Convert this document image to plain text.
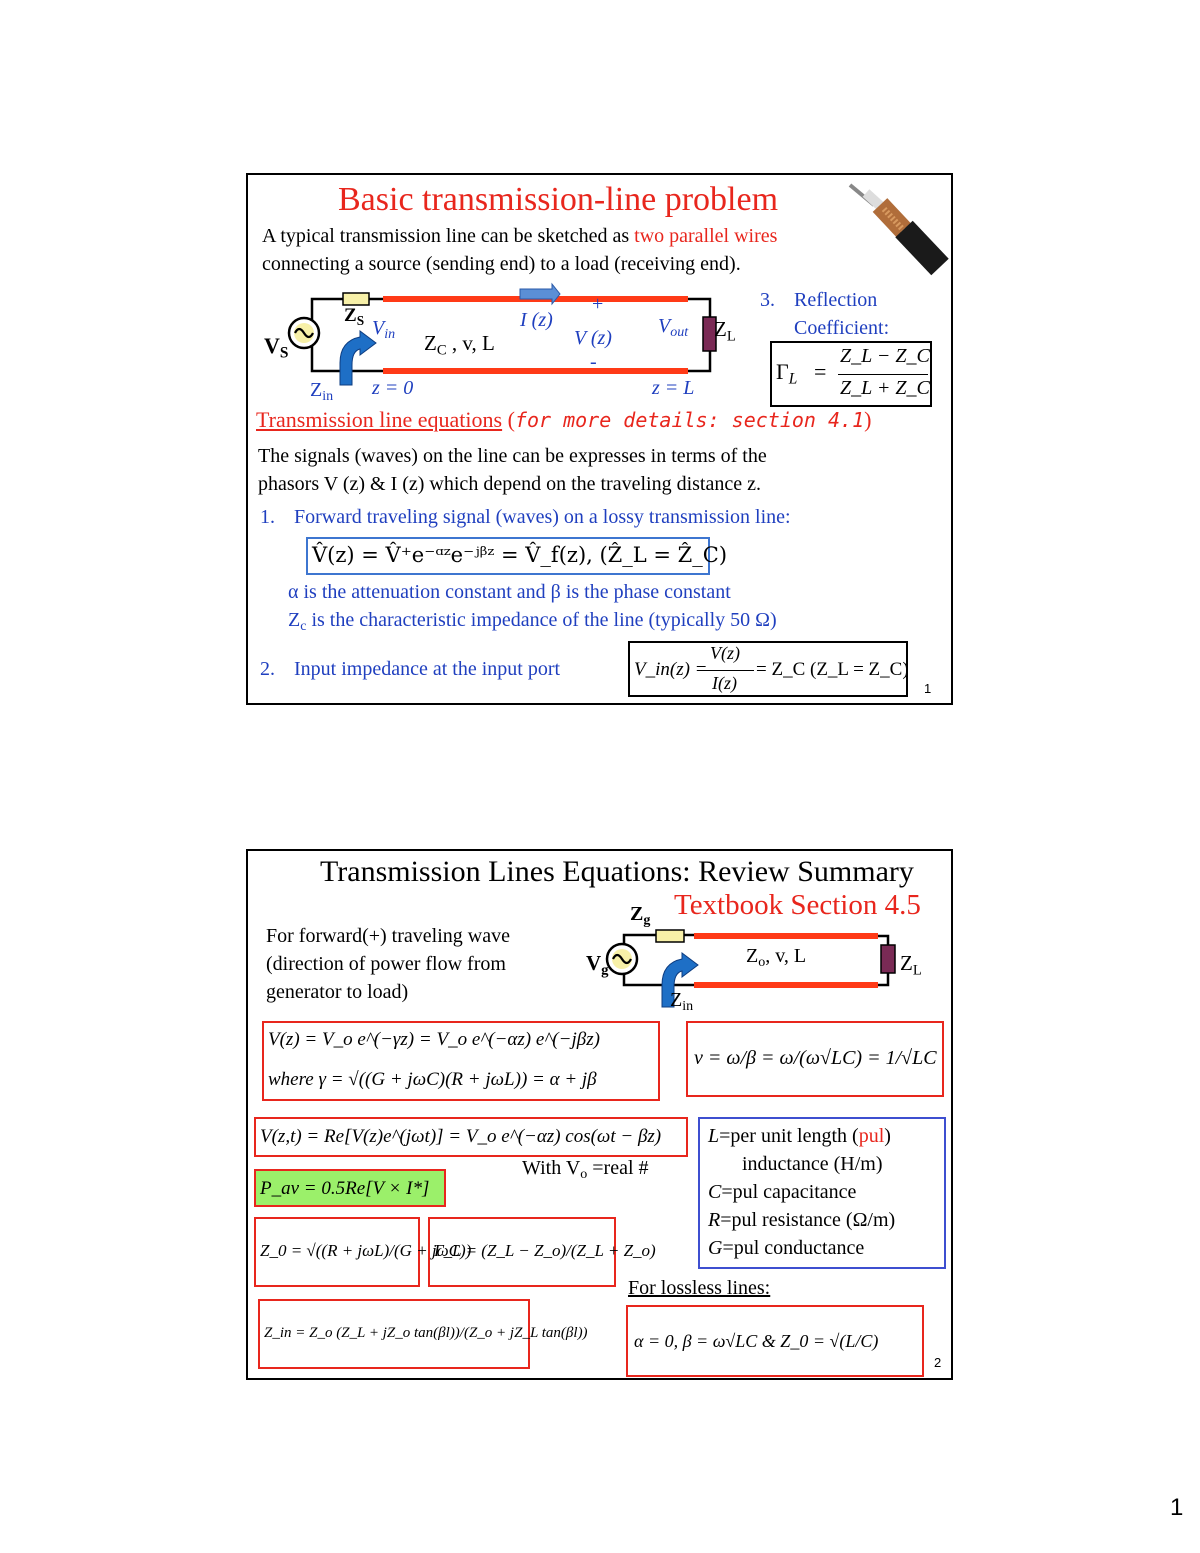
Basic transmission-line problem
A typical transmission line can be sketched as two parallel wires
connecting a source (sending end) to a load (receiving end).
$V_S$
$Z_S$ $V_{in}$ $Z_C$ , v, L
I (z)
+
V (z)
-
$V_{out}$ $Z_L$
$Z_{in}$ z = 0	z = L
3. Reflection
Coefficient:
$\Gamma_L$ =
Z_L − Z_C
Z_L + Z_C
Transmission line equations (for more details: section 4.1)
The signals (waves) on the line can be expresses in terms of the
phasors V (z) & I (z) which depend on the traveling distance z.
1. Forward traveling signal (waves) on a lossy transmission line:
V̂(z) = V̂⁺e⁻ᵅᶻe⁻ʲᵝᶻ = V̂_f(z), (Ẑ_L = Ẑ_C)
α is the attenuation constant and β is the phase constant
$Z_c$ is the characteristic impedance of the line (typically 50 Ω)
2. Input impedance at the input port	V_in(z) =
V(z)
I(z)
= Z_C (Z_L = Z_C)
1
Transmission Lines Equations: Review Summary
Textbook Section 4.5
For forward(+) traveling wave
(direction of power flow from
generator to load)
$Z_g$
$V_g$
$Z_o$, v, L	$Z_L$
$Z_{in}$
V(z) = V_o e^(−γz) = V_o e^(−αz) e^(−jβz)
where γ = √((G + jωC)(R + jωL)) = α + jβ
v = ω/β = ω/(ω√LC) = 1/√LC
V(z,t) = Re[V(z)e^(jωt)] = V_o e^(−αz) cos(ωt − βz)
With $V_o$ =real #
P_av = 0.5Re[V × I*]
Z_0 = √((R + jωL)/(G + jωC))
Γ_L = (Z_L − Z_o)/(Z_L + Z_o)
L=per unit length (pul)
inductance (H/m)
C=pul capacitance
R=pul resistance (Ω/m)
G=pul conductance
For lossless lines:
Z_in = Z_o (Z_L + jZ_o tan(βl))/(Z_o + jZ_L tan(βl))	α = 0, β = ω√LC & Z_0 = √(L/C)
2
1
